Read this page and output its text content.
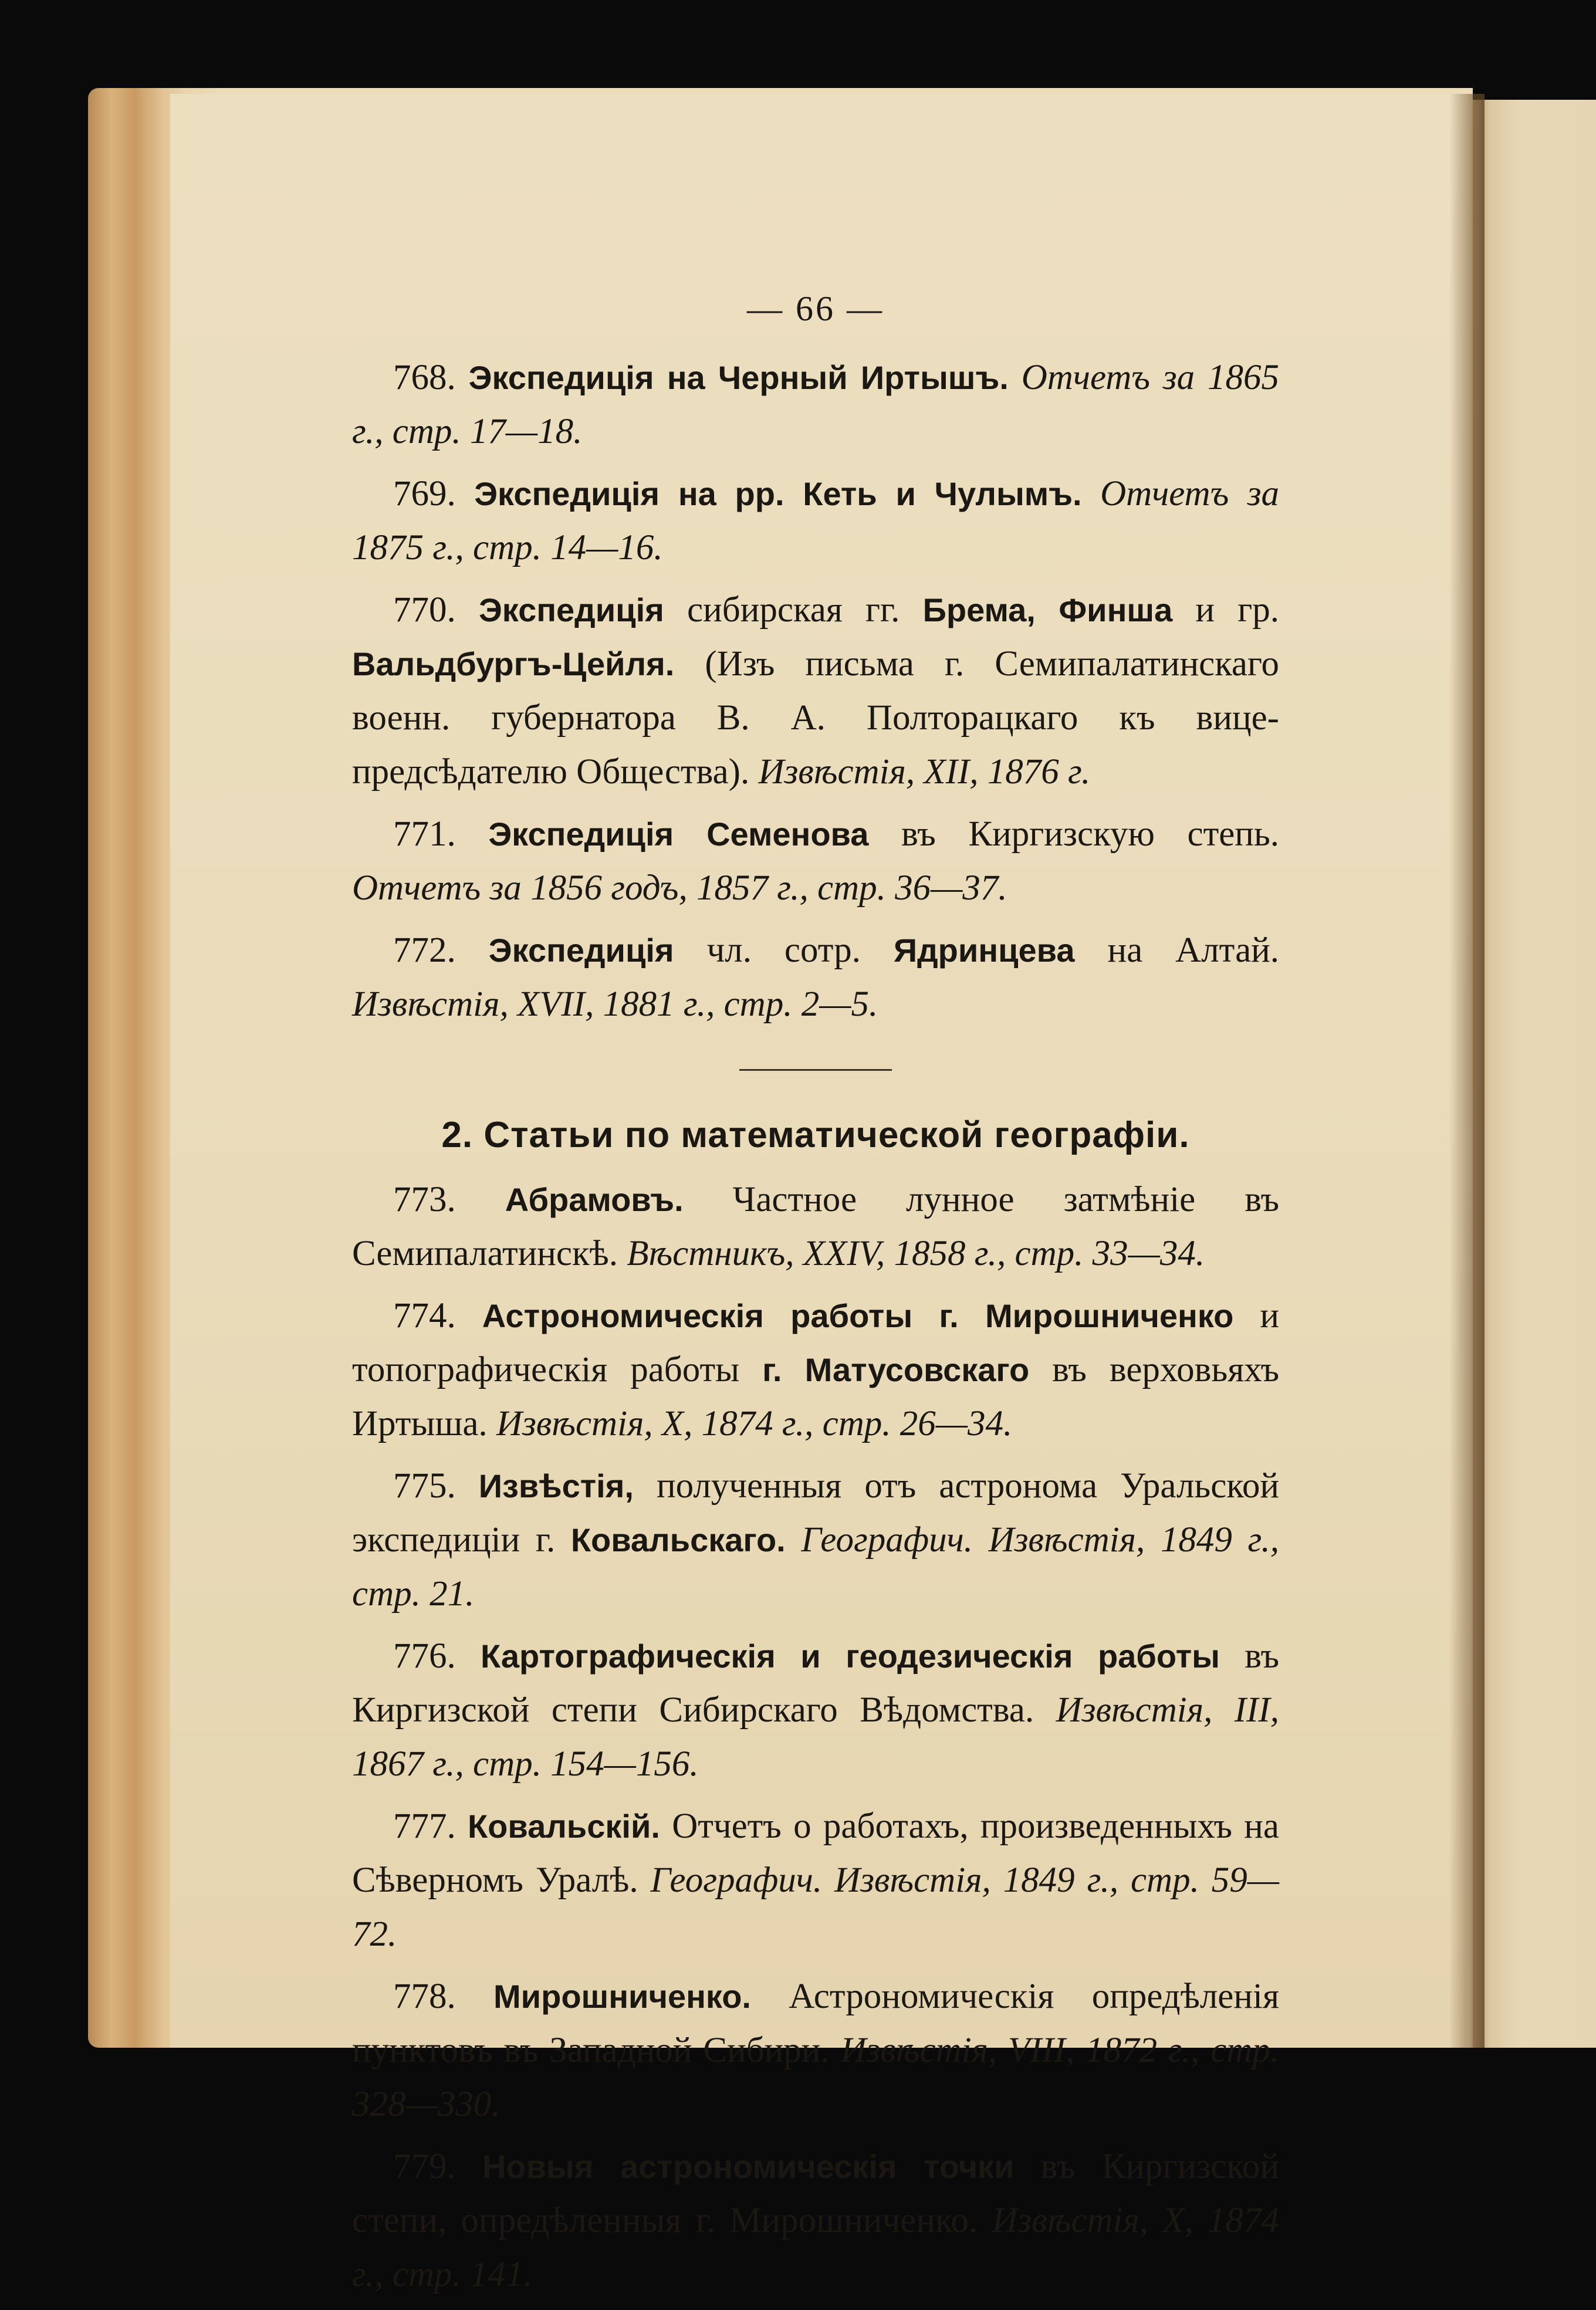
— 66 —

768. Экспедиція на Черный Иртышъ. Отчетъ за 1865 г., стр. 17—18.

769. Экспедиція на рр. Кеть и Чулымъ. Отчетъ за 1875 г., стр. 14—16.

770. Экспедиція сибирская гг. Брема, Финша и гр. Вальдбургъ-Цейля. (Изъ письма г. Семипалатинскаго военн. губернатора В. А. Полторацкаго къ вице-предсѣдателю Общества). Извѣстія, XII, 1876 г.

771. Экспедиція Семенова въ Киргизскую степь. Отчетъ за 1856 годъ, 1857 г., стр. 36—37.

772. Экспедиція чл. сотр. Ядринцева на Алтай. Извѣстія, XVII, 1881 г., стр. 2—5.

2. Статьи по математической географіи.

773. Абрамовъ. Частное лунное затмѣніе въ Семипалатинскѣ. Вѣстникъ, XXIV, 1858 г., стр. 33—34.

774. Астрономическія работы г. Мирошниченко и топографическія работы г. Матусовскаго въ верховьяхъ Иртыша. Извѣстія, X, 1874 г., стр. 26—34.

775. Извѣстія, полученныя отъ астронома Уральской экспедиціи г. Ковальскаго. Географич. Извѣстія, 1849 г., стр. 21.

776. Картографическія и геодезическія работы въ Киргизской степи Сибирскаго Вѣдомства. Извѣстія, III, 1867 г., стр. 154—156.

777. Ковальскій. Отчетъ о работахъ, произведенныхъ на Сѣверномъ Уралѣ. Географич. Извѣстія, 1849 г., стр. 59—72.

778. Мирошниченко. Астрономическія опредѣленія пунктовъ въ Западной Сибири. Извѣстія, VIII, 1872 г., стр. 328—330.

779. Новыя астрономическія точки въ Киргизской степи, опредѣленныя г. Мирошниченко. Извѣстія, X, 1874 г., стр. 141.
